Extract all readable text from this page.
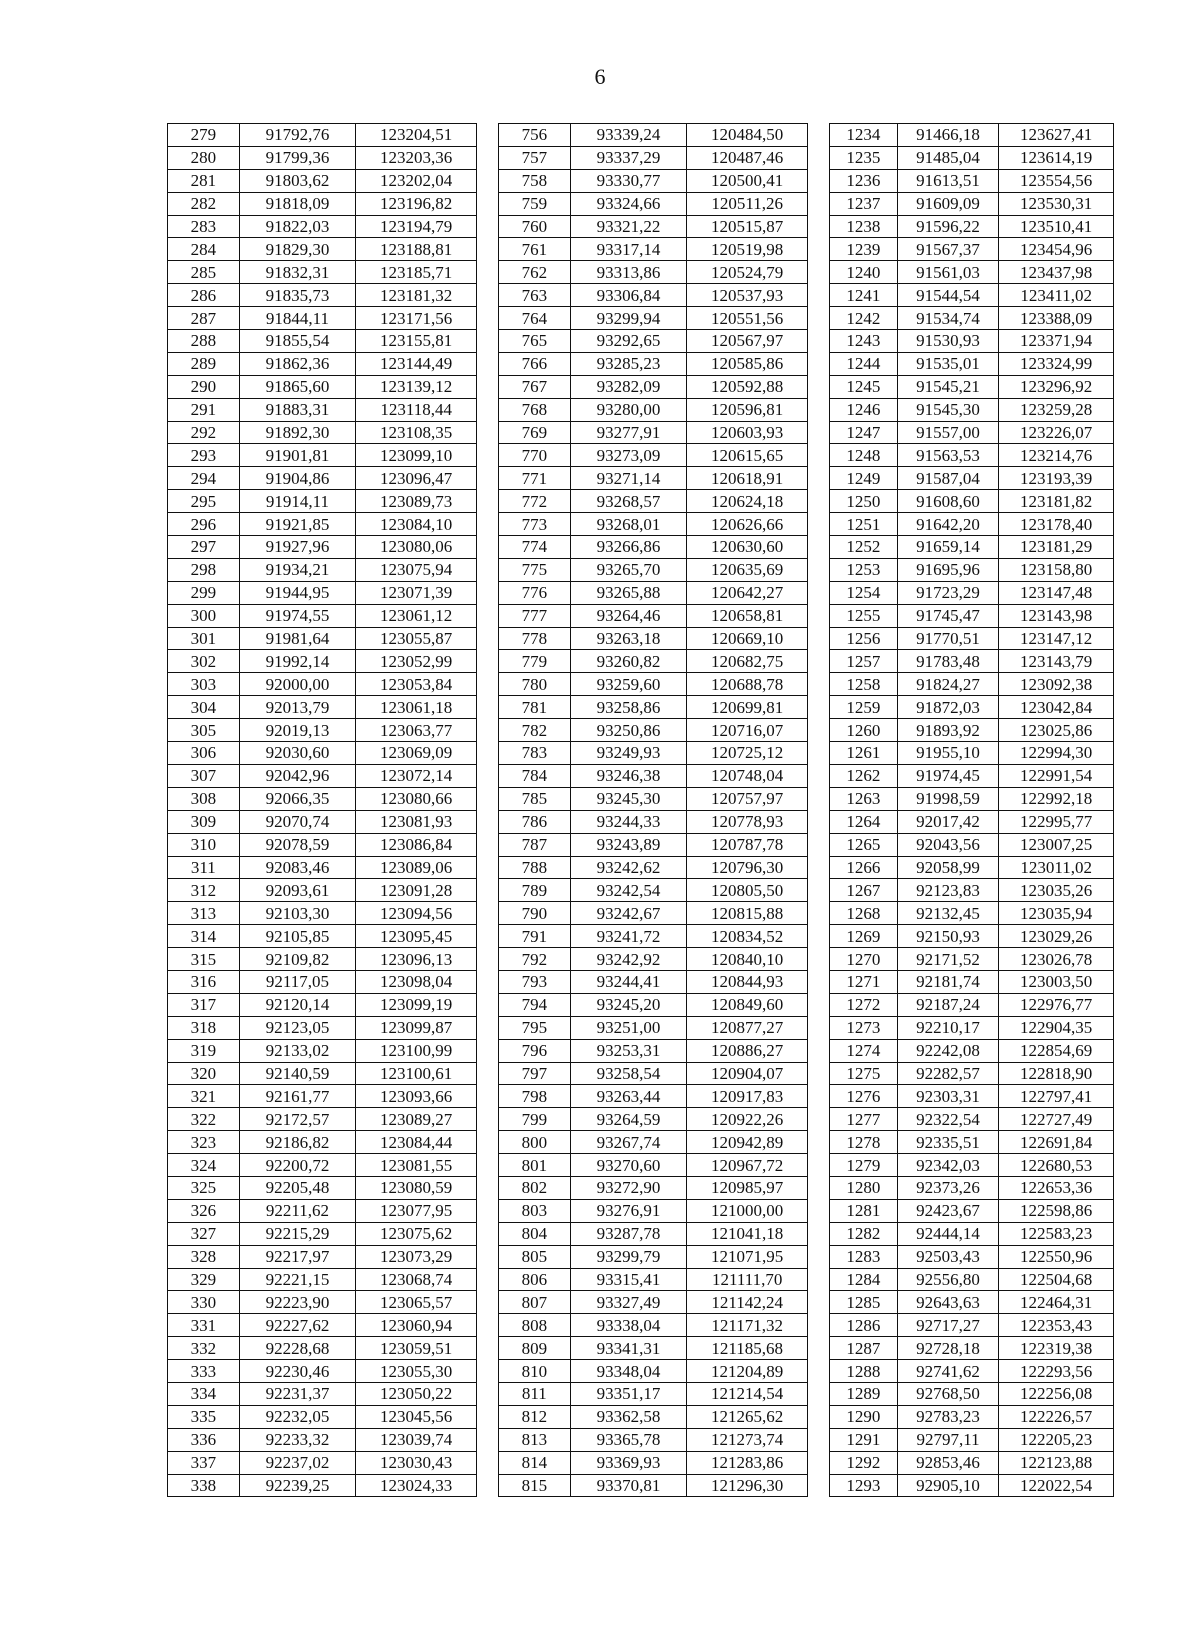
6
279	91792,76	123204,51
280	91799,36	123203,36
281	91803,62	123202,04
282	91818,09	123196,82
283	91822,03	123194,79
284	91829,30	123188,81
285	91832,31	123185,71
286	91835,73	123181,32
287	91844,11	123171,56
288	91855,54	123155,81
289	91862,36	123144,49
290	91865,60	123139,12
291	91883,31	123118,44
292	91892,30	123108,35
293	91901,81	123099,10
294	91904,86	123096,47
295	91914,11	123089,73
296	91921,85	123084,10
297	91927,96	123080,06
298	91934,21	123075,94
299	91944,95	123071,39
300	91974,55	123061,12
301	91981,64	123055,87
302	91992,14	123052,99
303	92000,00	123053,84
304	92013,79	123061,18
305	92019,13	123063,77
306	92030,60	123069,09
307	92042,96	123072,14
308	92066,35	123080,66
309	92070,74	123081,93
310	92078,59	123086,84
311	92083,46	123089,06
312	92093,61	123091,28
313	92103,30	123094,56
314	92105,85	123095,45
315	92109,82	123096,13
316	92117,05	123098,04
317	92120,14	123099,19
318	92123,05	123099,87
319	92133,02	123100,99
320	92140,59	123100,61
321	92161,77	123093,66
322	92172,57	123089,27
323	92186,82	123084,44
324	92200,72	123081,55
325	92205,48	123080,59
326	92211,62	123077,95
327	92215,29	123075,62
328	92217,97	123073,29
329	92221,15	123068,74
330	92223,90	123065,57
331	92227,62	123060,94
332	92228,68	123059,51
333	92230,46	123055,30
334	92231,37	123050,22
335	92232,05	123045,56
336	92233,32	123039,74
337	92237,02	123030,43
338	92239,25	123024,33
756	93339,24	120484,50
757	93337,29	120487,46
758	93330,77	120500,41
759	93324,66	120511,26
760	93321,22	120515,87
761	93317,14	120519,98
762	93313,86	120524,79
763	93306,84	120537,93
764	93299,94	120551,56
765	93292,65	120567,97
766	93285,23	120585,86
767	93282,09	120592,88
768	93280,00	120596,81
769	93277,91	120603,93
770	93273,09	120615,65
771	93271,14	120618,91
772	93268,57	120624,18
773	93268,01	120626,66
774	93266,86	120630,60
775	93265,70	120635,69
776	93265,88	120642,27
777	93264,46	120658,81
778	93263,18	120669,10
779	93260,82	120682,75
780	93259,60	120688,78
781	93258,86	120699,81
782	93250,86	120716,07
783	93249,93	120725,12
784	93246,38	120748,04
785	93245,30	120757,97
786	93244,33	120778,93
787	93243,89	120787,78
788	93242,62	120796,30
789	93242,54	120805,50
790	93242,67	120815,88
791	93241,72	120834,52
792	93242,92	120840,10
793	93244,41	120844,93
794	93245,20	120849,60
795	93251,00	120877,27
796	93253,31	120886,27
797	93258,54	120904,07
798	93263,44	120917,83
799	93264,59	120922,26
800	93267,74	120942,89
801	93270,60	120967,72
802	93272,90	120985,97
803	93276,91	121000,00
804	93287,78	121041,18
805	93299,79	121071,95
806	93315,41	121111,70
807	93327,49	121142,24
808	93338,04	121171,32
809	93341,31	121185,68
810	93348,04	121204,89
811	93351,17	121214,54
812	93362,58	121265,62
813	93365,78	121273,74
814	93369,93	121283,86
815	93370,81	121296,30
1234	91466,18	123627,41
1235	91485,04	123614,19
1236	91613,51	123554,56
1237	91609,09	123530,31
1238	91596,22	123510,41
1239	91567,37	123454,96
1240	91561,03	123437,98
1241	91544,54	123411,02
1242	91534,74	123388,09
1243	91530,93	123371,94
1244	91535,01	123324,99
1245	91545,21	123296,92
1246	91545,30	123259,28
1247	91557,00	123226,07
1248	91563,53	123214,76
1249	91587,04	123193,39
1250	91608,60	123181,82
1251	91642,20	123178,40
1252	91659,14	123181,29
1253	91695,96	123158,80
1254	91723,29	123147,48
1255	91745,47	123143,98
1256	91770,51	123147,12
1257	91783,48	123143,79
1258	91824,27	123092,38
1259	91872,03	123042,84
1260	91893,92	123025,86
1261	91955,10	122994,30
1262	91974,45	122991,54
1263	91998,59	122992,18
1264	92017,42	122995,77
1265	92043,56	123007,25
1266	92058,99	123011,02
1267	92123,83	123035,26
1268	92132,45	123035,94
1269	92150,93	123029,26
1270	92171,52	123026,78
1271	92181,74	123003,50
1272	92187,24	122976,77
1273	92210,17	122904,35
1274	92242,08	122854,69
1275	92282,57	122818,90
1276	92303,31	122797,41
1277	92322,54	122727,49
1278	92335,51	122691,84
1279	92342,03	122680,53
1280	92373,26	122653,36
1281	92423,67	122598,86
1282	92444,14	122583,23
1283	92503,43	122550,96
1284	92556,80	122504,68
1285	92643,63	122464,31
1286	92717,27	122353,43
1287	92728,18	122319,38
1288	92741,62	122293,56
1289	92768,50	122256,08
1290	92783,23	122226,57
1291	92797,11	122205,23
1292	92853,46	122123,88
1293	92905,10	122022,54
